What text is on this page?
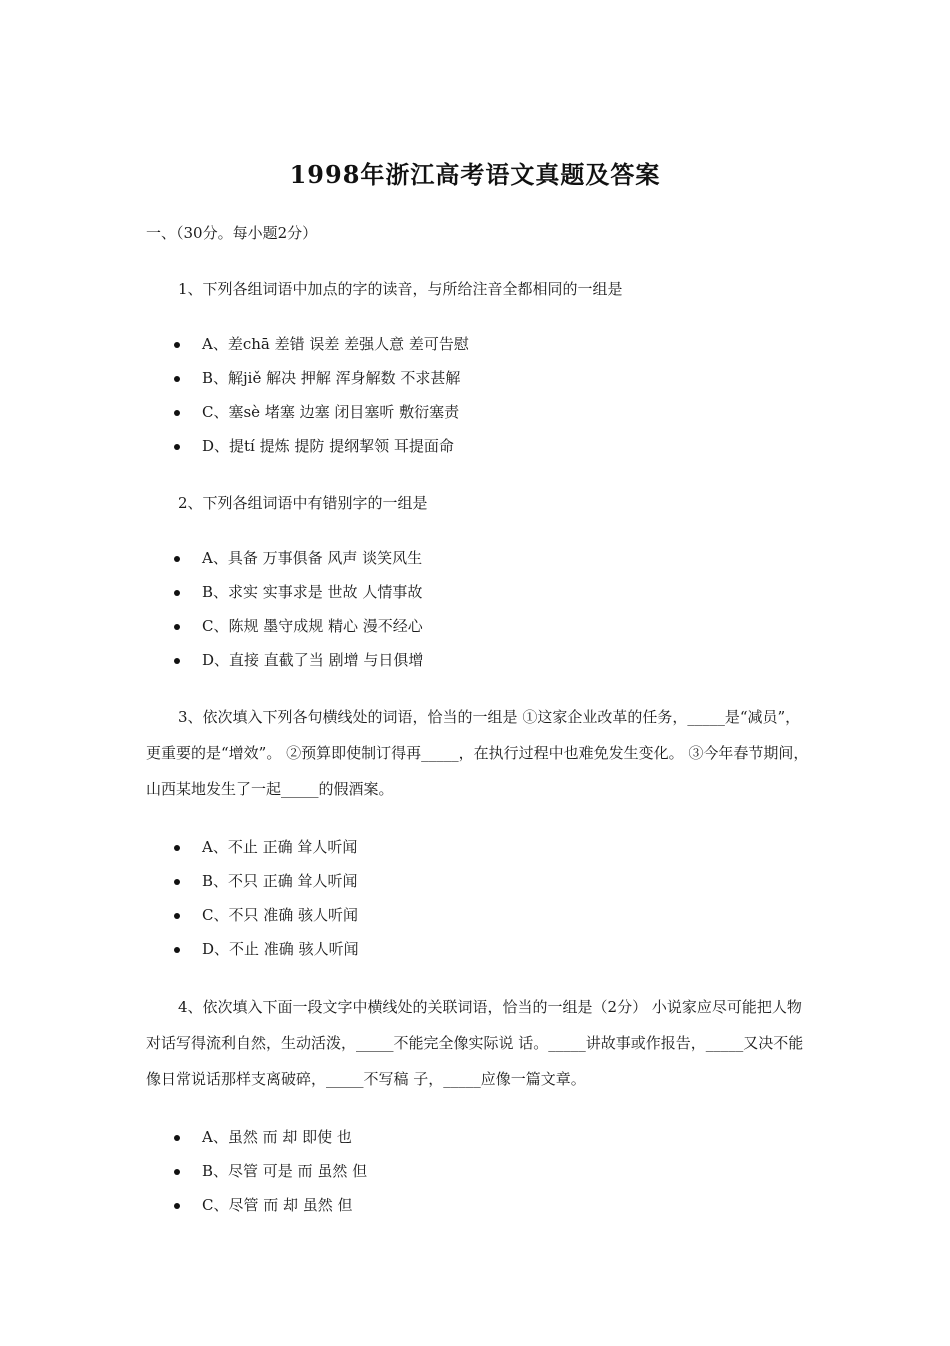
1998年浙江高考语文真题及答案
一、（30分。每小题2分）
1、下列各组词语中加点的字的读音，与所给注音全都相同的一组是
A、差chā 差错 误差 差强人意 差可告慰
B、解jiě 解决 押解 浑身解数 不求甚解
C、塞sè 堵塞 边塞 闭目塞听 敷衍塞责
D、提tí 提炼 提防 提纲挈领 耳提面命
2、下列各组词语中有错别字的一组是
A、具备 万事俱备 风声 谈笑风生
B、求实 实事求是 世故 人情事故
C、陈规 墨守成规 精心 漫不经心
D、直接 直截了当 剧增 与日俱增
3、依次填入下列各句横线处的词语，恰当的一组是 ①这家企业改革的任务，_____是“减员”，更重要的是“增效”。 ②预算即使制订得再_____，在执行过程中也难免发生变化。 ③今年春节期间，山西某地发生了一起_____的假酒案。
A、不止 正确 耸人听闻
B、不只 正确 耸人听闻
C、不只 准确 骇人听闻
D、不止 准确 骇人听闻
4、依次填入下面一段文字中横线处的关联词语，恰当的一组是（2分） 小说家应尽可能把人物对话写得流利自然，生动活泼，_____不能完全像实际说 话。_____讲故事或作报告，_____又决不能像日常说话那样支离破碎，_____不写稿 子，_____应像一篇文章。
A、虽然 而 却 即使 也
B、尽管 可是 而 虽然 但
C、尽管 而 却 虽然 但
